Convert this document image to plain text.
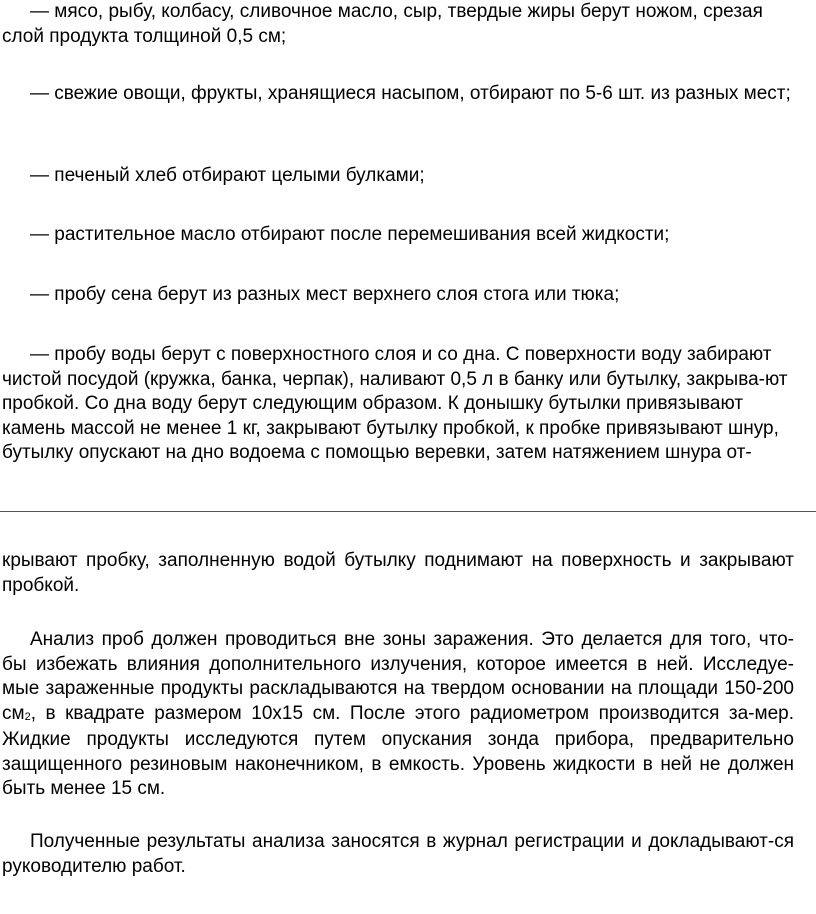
— мясо, рыбу, колбасу, сливочное масло, сыр, твердые жиры берут ножом, срезая слой продукта толщиной 0,5 см;

— свежие овощи, фрукты, хранящиеся насыпом, отбирают по 5-6 шт. из разных мест;

— печеный хлеб отбирают целыми булками;

— растительное масло отбирают после перемешивания всей жидкости;

— пробу сена берут из разных мест верхнего слоя стога или тюка;

— пробу воды берут с поверхностного слоя и со дна. С поверхности воду забирают чистой посудой (кружка, банка, черпак), наливают 0,5 л в банку или бутылку, закрыва-ют пробкой. Со дна воду берут следующим образом. К донышку бутылки привязывают камень массой не менее 1 кг, закрывают бутылку пробкой, к пробке привязывают шнур, бутылку опускают на дно водоема с помощью веревки, затем натяжением шнура от-

крывают пробку, заполненную водой бутылку поднимают на поверхность и закрывают пробкой.

Анализ проб должен проводиться вне зоны заражения. Это делается для того, что-бы избежать влияния дополнительного излучения, которое имеется в ней. Исследуе-мые зараженные продукты раскладываются на твердом основании на площади 150-200 $см_2$, в квадрате размером 10х15 см. После этого радиометром производится за-мер. Жидкие продукты исследуются путем опускания зонда прибора, предварительно защищенного резиновым наконечником, в емкость. Уровень жидкости в ней не должен быть менее 15 см.

Полученные результаты анализа заносятся в журнал регистрации и докладывают-ся руководителю работ.
